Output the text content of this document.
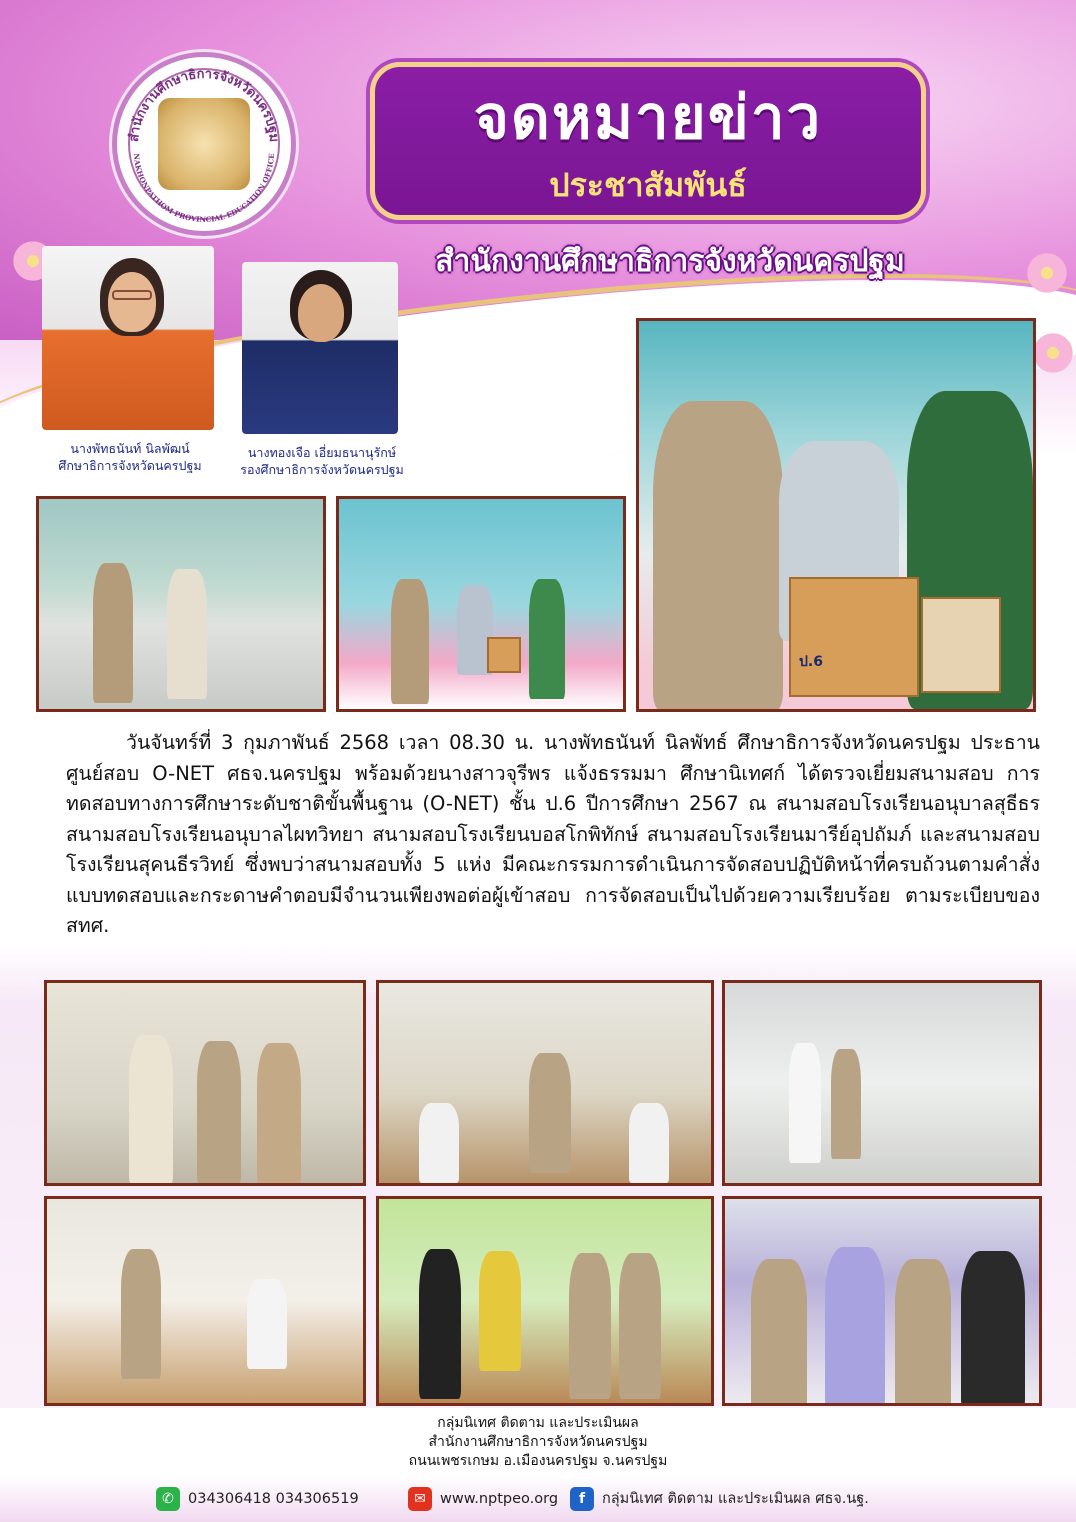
สำนักงานศึกษาธิการจังหวัดนครปฐม
NAKHONPATHOM PROVINCIAL EDUCATION OFFICE
จดหมายข่าว
ประชาสัมพันธ์
สำนักงานศึกษาธิการจังหวัดนครปฐม
นางพัทธนันท์ นิลพัฒน์
ศึกษาธิการจังหวัดนครปฐม
นางทองเจือ เอี่ยมธนานุรักษ์
รองศึกษาธิการจังหวัดนครปฐม
ป.6
วันจันทร์ที่ 3 กุมภาพันธ์ 2568 เวลา 08.30 น. นางพัทธนันท์ นิลพัทธ์ ศึกษาธิการจังหวัดนครปฐม ประธานศูนย์สอบ O-NET ศธจ.นครปฐม พร้อมด้วยนางสาวจุรีพร แจ้งธรรมมา ศึกษานิเทศก์ ได้ตรวจเยี่ยมสนามสอบ การทดสอบทางการศึกษาระดับชาติขั้นพื้นฐาน (O-NET) ชั้น ป.6 ปีการศึกษา 2567 ณ สนามสอบโรงเรียนอนุบาลสุธีธร สนามสอบโรงเรียนอนุบาลไผทวิทยา สนามสอบโรงเรียนบอสโกพิทักษ์ สนามสอบโรงเรียนมารีย์อุปถัมภ์ และสนามสอบโรงเรียนสุคนธีรวิทย์ ซึ่งพบว่าสนามสอบทั้ง 5 แห่ง มีคณะกรรมการดำเนินการจัดสอบปฏิบัติหน้าที่ครบถ้วนตามคำสั่ง แบบทดสอบและกระดาษคำตอบมีจำนวนเพียงพอต่อผู้เข้าสอบ การจัดสอบเป็นไปด้วยความเรียบร้อย ตามระเบียบของ สทศ.
กลุ่มนิเทศ ติดตาม และประเมินผล
สำนักงานศึกษาธิการจังหวัดนครปฐม
ถนนเพชรเกษม อ.เมืองนครปฐม จ.นครปฐม
✆ 034306418 034306519	✉ www.nptpeo.org	f กลุ่มนิเทศ ติดตาม และประเมินผล ศธจ.นฐ.
